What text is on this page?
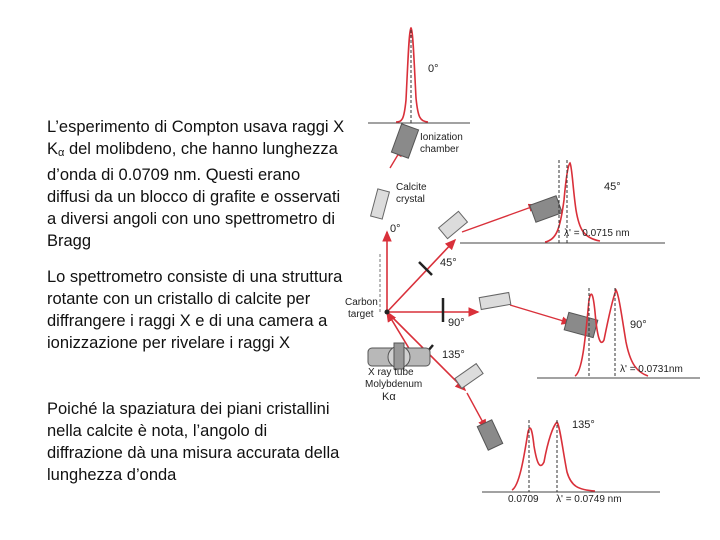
L’esperimento di Compton usava raggi X Kα del molibdeno, che hanno lunghezza d’onda di 0.0709 nm. Questi erano diffusi da un blocco di grafite e osservati a diversi angoli con uno spettrometro di Bragg
Lo spettrometro consiste di una struttura rotante con un cristallo di calcite per diffrangere i raggi X e di una camera a ionizzazione per rivelare i raggi X
Poiché la spaziatura dei piani cristallini nella calcite è nota, l’angolo di diffrazione dà una misura accurata della lunghezza d’onda
Ionization
chamber
Calcite
crystal
Carbon
target
X ray tube
Molybdenum
Kα
0°
45°
90°
135°
0°
45°
λ' = 0.0715 nm
90°
λ' = 0.0731nm
135°
0.0709 λ' = 0.0749 nm
